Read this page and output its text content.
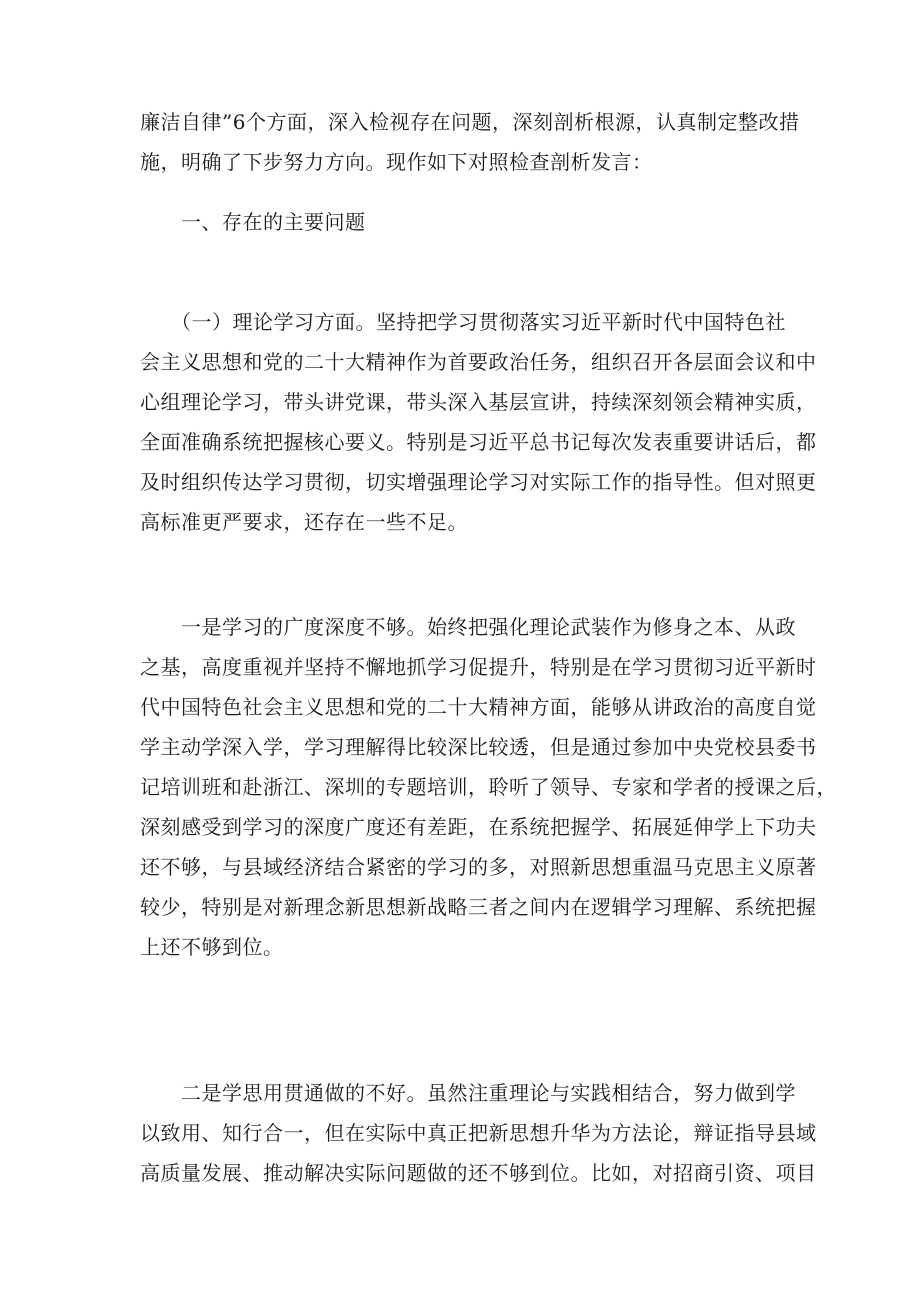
廉洁自律”6个方面，深入检视存在问题，深刻剖析根源，认真制定整改措
施，明确了下步努力方向。现作如下对照检查剖析发言：
　　一、存在的主要问题
　　（一）理论学习方面。坚持把学习贯彻落实习近平新时代中国特色社
会主义思想和党的二十大精神作为首要政治任务，组织召开各层面会议和中
心组理论学习，带头讲党课，带头深入基层宣讲，持续深刻领会精神实质，
全面准确系统把握核心要义。特别是习近平总书记每次发表重要讲话后，都
及时组织传达学习贯彻，切实增强理论学习对实际工作的指导性。但对照更
高标准更严要求，还存在一些不足。
　　一是学习的广度深度不够。始终把强化理论武装作为修身之本、从政
之基，高度重视并坚持不懈地抓学习促提升，特别是在学习贯彻习近平新时
代中国特色社会主义思想和党的二十大精神方面，能够从讲政治的高度自觉
学主动学深入学，学习理解得比较深比较透，但是通过参加中央党校县委书
记培训班和赴浙江、深圳的专题培训，聆听了领导、专家和学者的授课之后，
深刻感受到学习的深度广度还有差距，在系统把握学、拓展延伸学上下功夫
还不够，与县域经济结合紧密的学习的多，对照新思想重温马克思主义原著
较少，特别是对新理念新思想新战略三者之间内在逻辑学习理解、系统把握
上还不够到位。
　　二是学思用贯通做的不好。虽然注重理论与实践相结合，努力做到学
以致用、知行合一，但在实际中真正把新思想升华为方法论，辩证指导县域
高质量发展、推动解决实际问题做的还不够到位。比如，对招商引资、项目
